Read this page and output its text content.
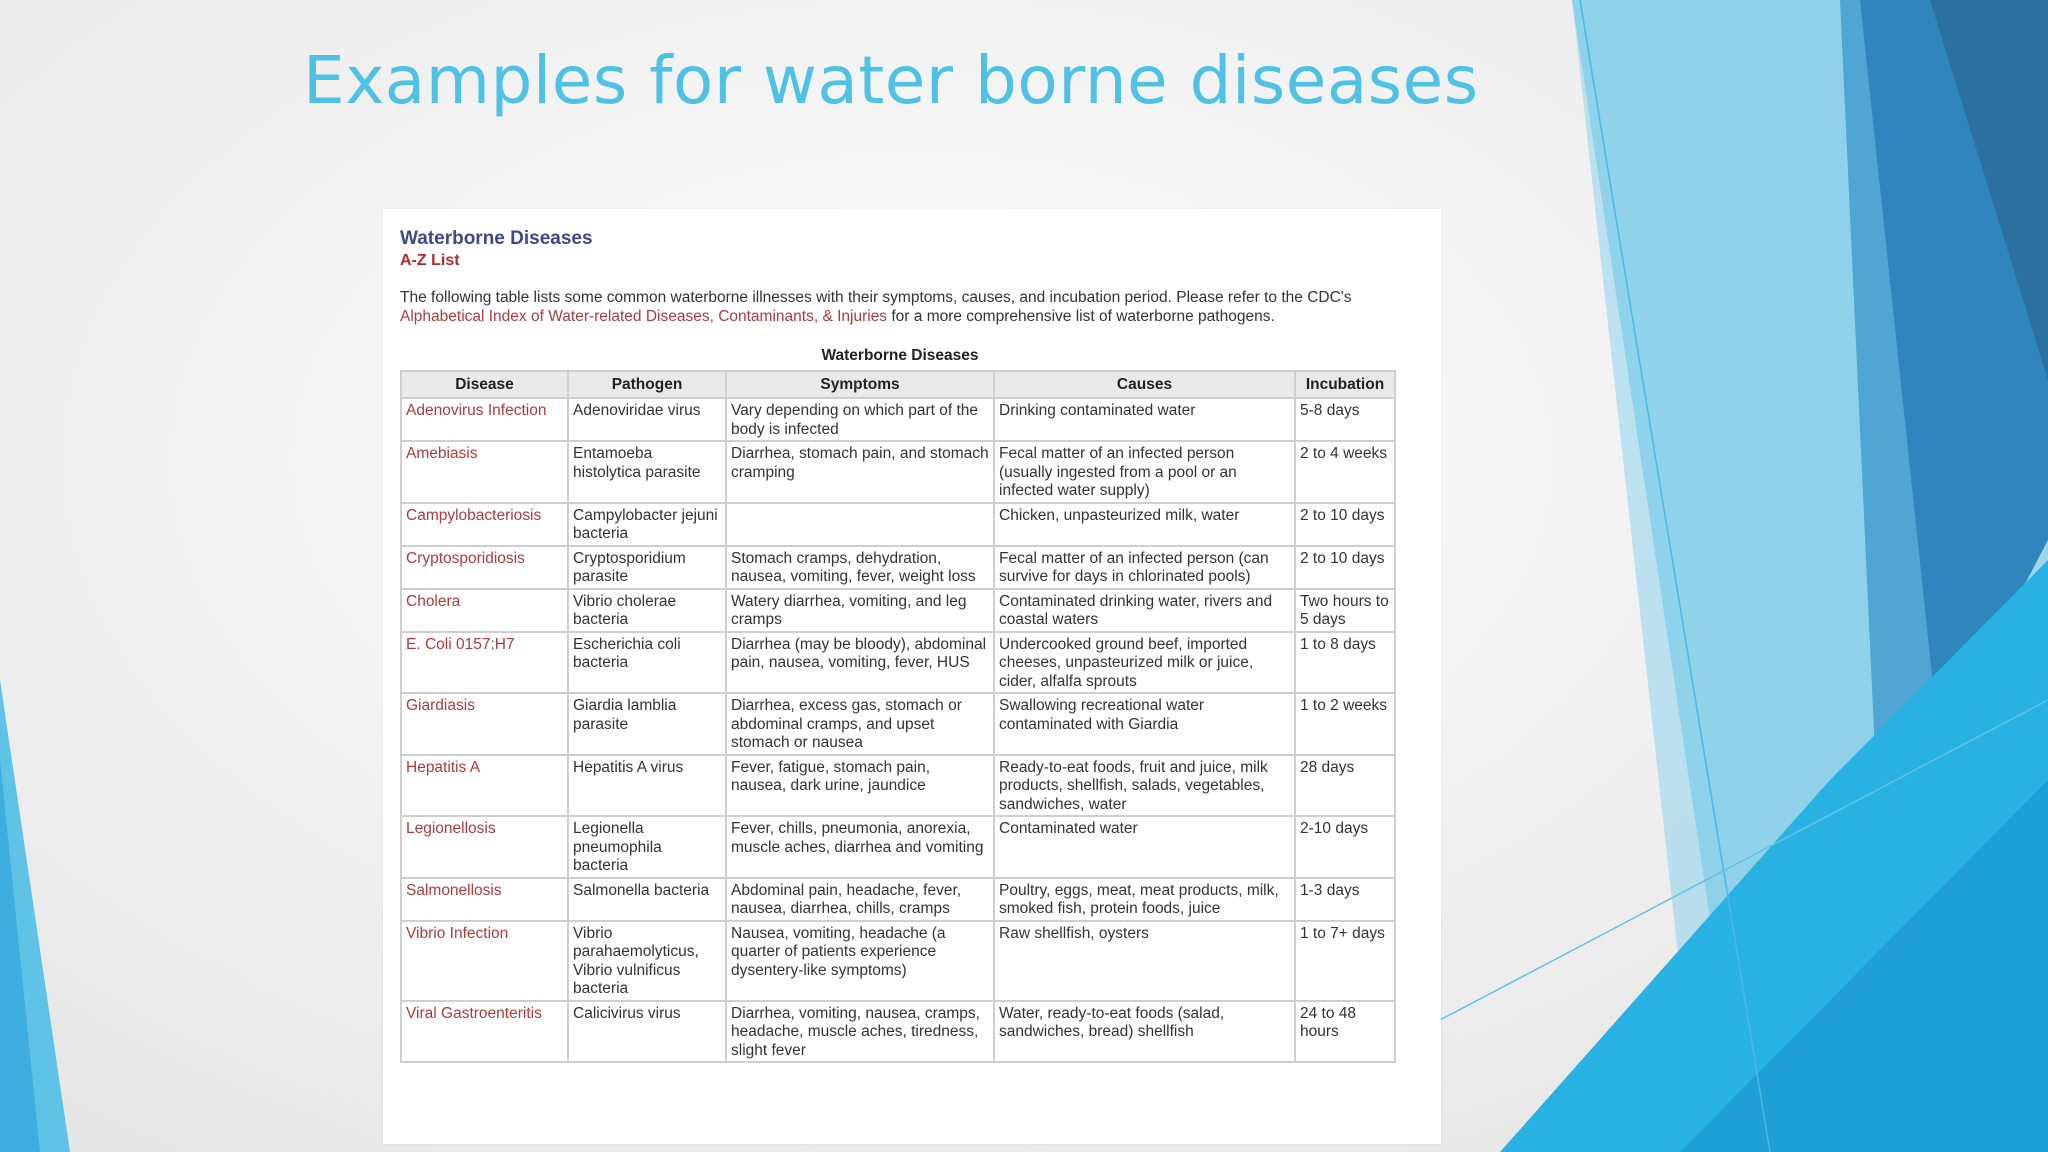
Examples for water borne diseases
Waterborne Diseases
A-Z List

The following table lists some common waterborne illnesses with their symptoms, causes, and incubation period. Please refer to the CDC's Alphabetical Index of Water-related Diseases, Contaminants, & Injuries for a more comprehensive list of waterborne pathogens.

Waterborne Diseases
Disease	Pathogen	Symptoms	Causes	Incubation
Adenovirus Infection	Adenoviridae virus	Vary depending on which part of the body is infected	Drinking contaminated water	5-8 days
Amebiasis	Entamoeba histolytica parasite	Diarrhea, stomach pain, and stomach cramping	Fecal matter of an infected person (usually ingested from a pool or an infected water supply)	2 to 4 weeks
Campylobacteriosis	Campylobacter jejuni bacteria		Chicken, unpasteurized milk, water	2 to 10 days
Cryptosporidiosis	Cryptosporidium parasite	Stomach cramps, dehydration, nausea, vomiting, fever, weight loss	Fecal matter of an infected person (can survive for days in chlorinated pools)	2 to 10 days
Cholera	Vibrio cholerae bacteria	Watery diarrhea, vomiting, and leg cramps	Contaminated drinking water, rivers and coastal waters	Two hours to 5 days
E. Coli 0157:H7	Escherichia coli bacteria	Diarrhea (may be bloody), abdominal pain, nausea, vomiting, fever, HUS	Undercooked ground beef, imported cheeses, unpasteurized milk or juice, cider, alfalfa sprouts	1 to 8 days
Giardiasis	Giardia lamblia parasite	Diarrhea, excess gas, stomach or abdominal cramps, and upset stomach or nausea	Swallowing recreational water contaminated with Giardia	1 to 2 weeks
Hepatitis A	Hepatitis A virus	Fever, fatigue, stomach pain, nausea, dark urine, jaundice	Ready-to-eat foods, fruit and juice, milk products, shellfish, salads, vegetables, sandwiches, water	28 days
Legionellosis	Legionella pneumophila bacteria	Fever, chills, pneumonia, anorexia, muscle aches, diarrhea and vomiting	Contaminated water	2-10 days
Salmonellosis	Salmonella bacteria	Abdominal pain, headache, fever, nausea, diarrhea, chills, cramps	Poultry, eggs, meat, meat products, milk, smoked fish, protein foods, juice	1-3 days
Vibrio Infection	Vibrio parahaemolyticus, Vibrio vulnificus bacteria	Nausea, vomiting, headache (a quarter of patients experience dysentery-like symptoms)	Raw shellfish, oysters	1 to 7+ days
Viral Gastroenteritis	Calicivirus virus	Diarrhea, vomiting, nausea, cramps, headache, muscle aches, tiredness, slight fever	Water, ready-to-eat foods (salad, sandwiches, bread) shellfish	24 to 48 hours
